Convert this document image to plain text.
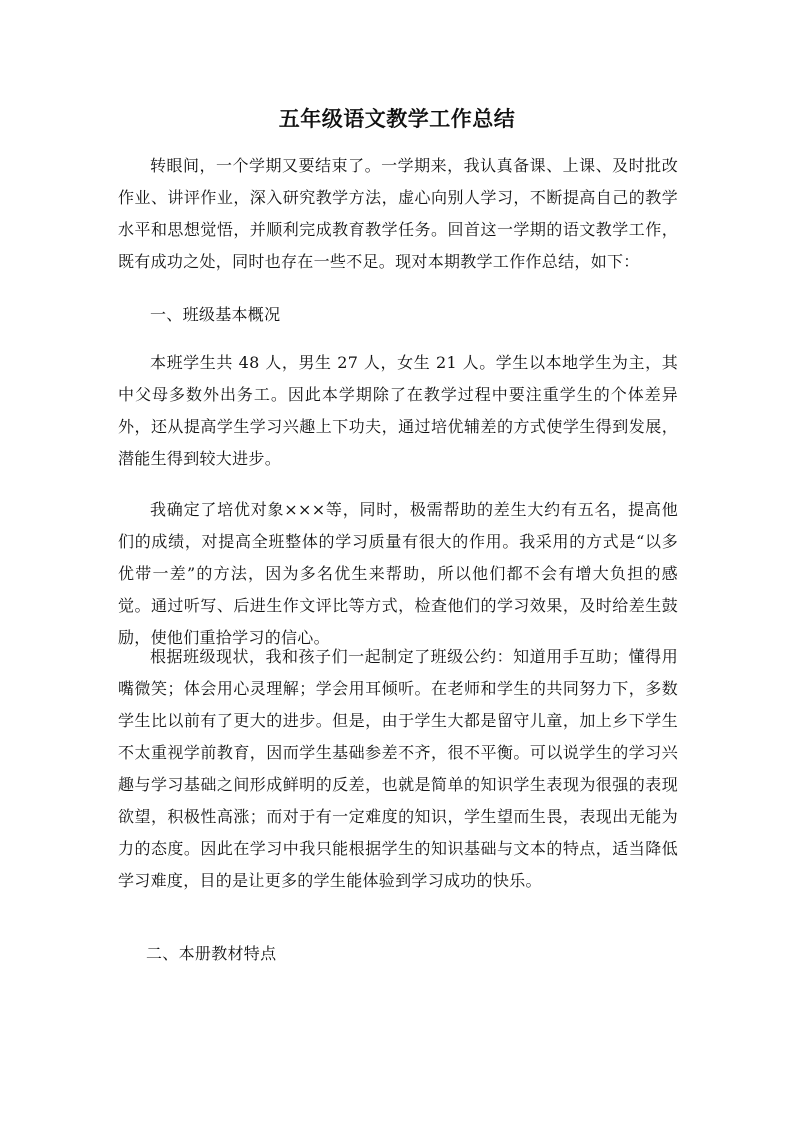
五年级语文教学工作总结

转眼间，一个学期又要结束了。一学期来，我认真备课、上课、及时批改作业、讲评作业，深入研究教学方法，虚心向别人学习，不断提高自己的教学水平和思想觉悟，并顺利完成教育教学任务。回首这一学期的语文教学工作，既有成功之处，同时也存在一些不足。现对本期教学工作作总结，如下：

一、班级基本概况

本班学生共 48 人，男生 27 人，女生 21 人。学生以本地学生为主，其中父母多数外出务工。因此本学期除了在教学过程中要注重学生的个体差异外，还从提高学生学习兴趣上下功夫，通过培优辅差的方式使学生得到发展，潜能生得到较大进步。

我确定了培优对象×××等，同时，极需帮助的差生大约有五名，提高他们的成绩，对提高全班整体的学习质量有很大的作用。我采用的方式是“以多优带一差”的方法，因为多名优生来帮助，所以他们都不会有增大负担的感觉。通过听写、后进生作文评比等方式，检查他们的学习效果，及时给差生鼓励，使他们重拾学习的信心。

根据班级现状，我和孩子们一起制定了班级公约：知道用手互助；懂得用嘴微笑；体会用心灵理解；学会用耳倾听。在老师和学生的共同努力下，多数学生比以前有了更大的进步。但是，由于学生大都是留守儿童，加上乡下学生不太重视学前教育，因而学生基础参差不齐，很不平衡。可以说学生的学习兴趣与学习基础之间形成鲜明的反差，也就是简单的知识学生表现为很强的表现欲望，积极性高涨；而对于有一定难度的知识，学生望而生畏，表现出无能为力的态度。因此在学习中我只能根据学生的知识基础与文本的特点，适当降低学习难度，目的是让更多的学生能体验到学习成功的快乐。

二、本册教材特点
